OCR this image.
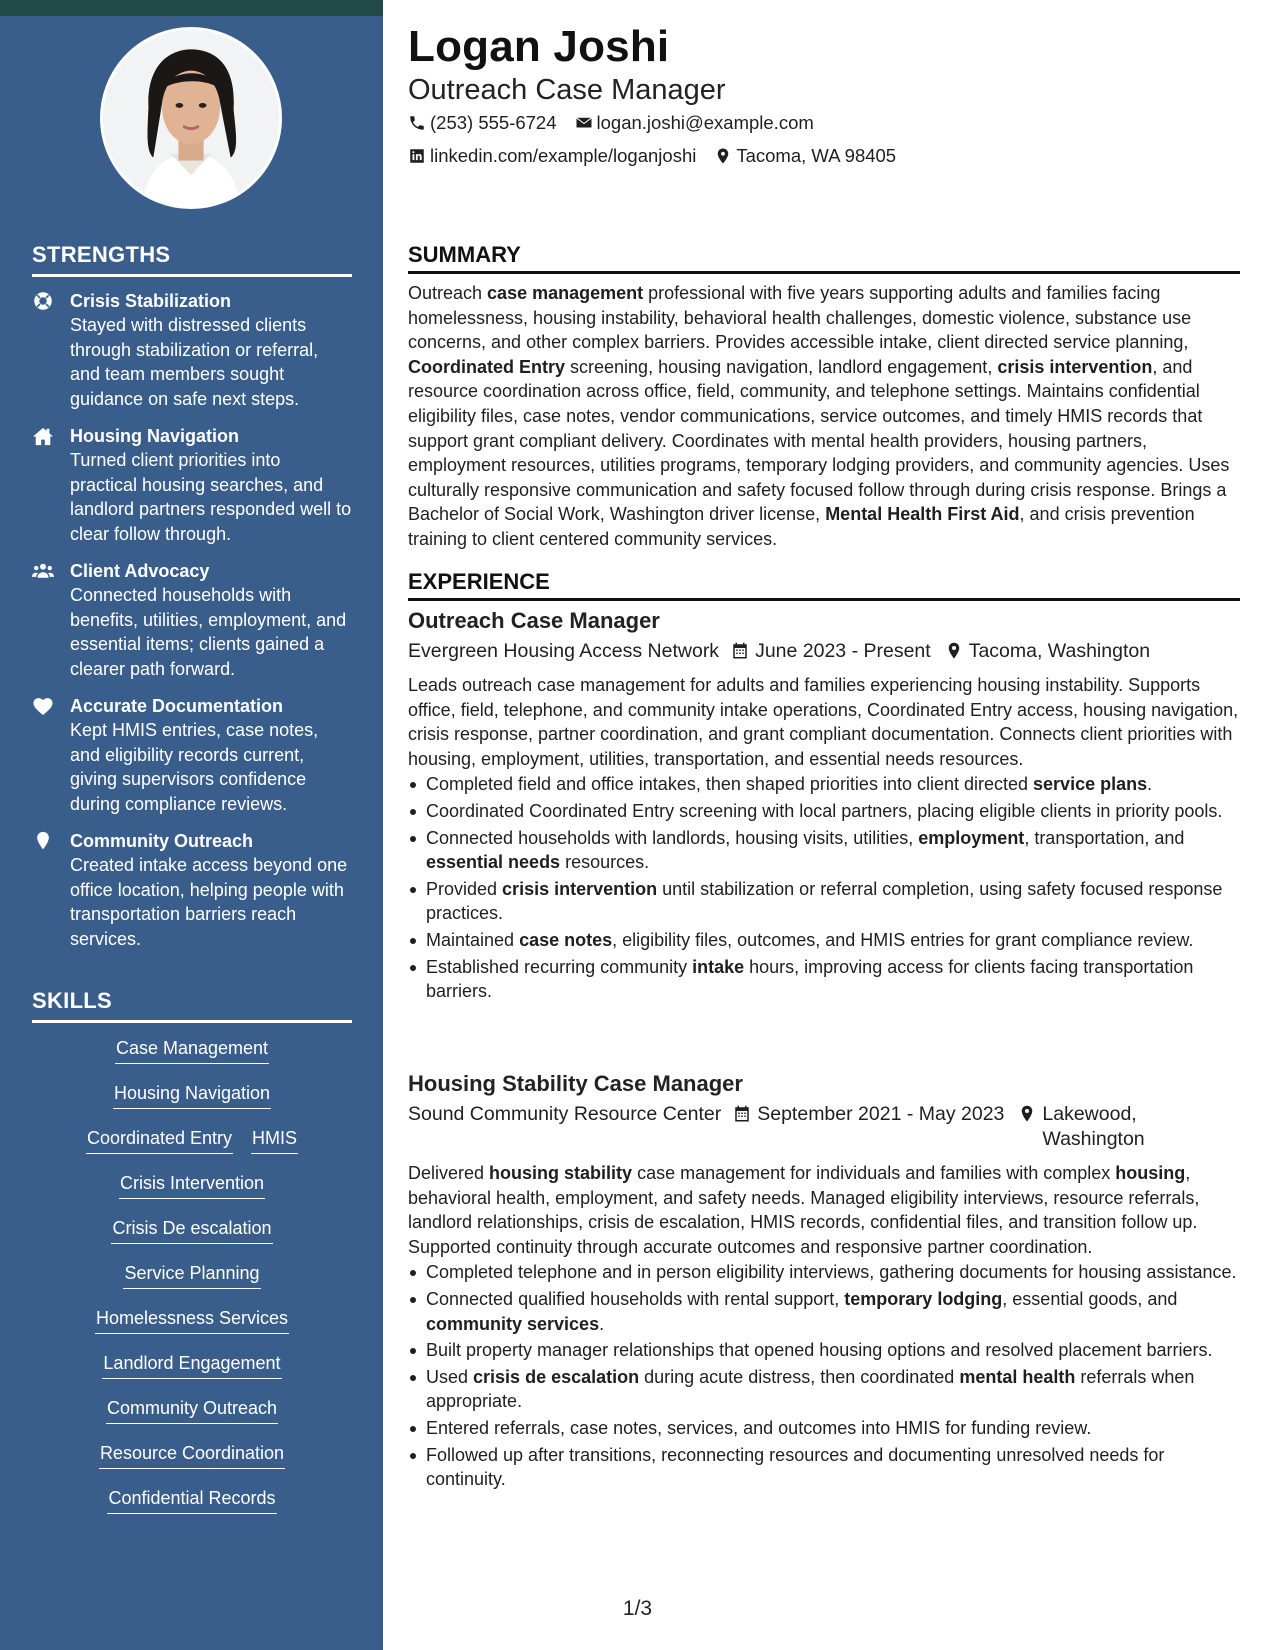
STRENGTHS
Crisis Stabilization
Stayed with distressed clients through stabilization or referral, and team members sought guidance on safe next steps.
Housing Navigation
Turned client priorities into practical housing searches, and landlord partners responded well to clear follow through.
Client Advocacy
Connected households with benefits, utilities, employment, and essential items; clients gained a clearer path forward.
Accurate Documentation
Kept HMIS entries, case notes, and eligibility records current, giving supervisors confidence during compliance reviews.
Community Outreach
Created intake access beyond one office location, helping people with transportation barriers reach services.
SKILLS
Case Management
Housing Navigation
Coordinated Entry HMIS
Crisis Intervention
Crisis De escalation
Service Planning
Homelessness Services
Landlord Engagement
Community Outreach
Resource Coordination
Confidential Records
Logan Joshi
Outreach Case Manager
(253) 555-6724 logan.joshi@example.com
linkedin.com/example/loganjoshi Tacoma, WA 98405
SUMMARY

Outreach case management professional with five years supporting adults and families facing homelessness, housing instability, behavioral health challenges, domestic violence, substance use concerns, and other complex barriers. Provides accessible intake, client directed service planning, Coordinated Entry screening, housing navigation, landlord engagement, crisis intervention, and resource coordination across office, field, community, and telephone settings. Maintains confidential eligibility files, case notes, vendor communications, service outcomes, and timely HMIS records that support grant compliant delivery. Coordinates with mental health providers, housing partners, employment resources, utilities programs, temporary lodging providers, and community agencies. Uses culturally responsive communication and safety focused follow through during crisis response. Brings a Bachelor of Social Work, Washington driver license, Mental Health First Aid, and crisis prevention training to client centered community services.

EXPERIENCE
Outreach Case Manager
Evergreen Housing Access Network June 2023 - Present Tacoma, Washington

Leads outreach case management for adults and families experiencing housing instability. Supports office, field, telephone, and community intake operations, Coordinated Entry access, housing navigation, crisis response, partner coordination, and grant compliant documentation. Connects client priorities with housing, employment, utilities, transportation, and essential needs resources.

Completed field and office intakes, then shaped priorities into client directed service plans.
Coordinated Coordinated Entry screening with local partners, placing eligible clients in priority pools.
Connected households with landlords, housing visits, utilities, employment, transportation, and essential needs resources.
Provided crisis intervention until stabilization or referral completion, using safety focused response practices.
Maintained case notes, eligibility files, outcomes, and HMIS entries for grant compliance review.
Established recurring community intake hours, improving access for clients facing transportation barriers.
Housing Stability Case Manager
Sound Community Resource Center September 2021 - May 2023 Lakewood, Washington

Delivered housing stability case management for individuals and families with complex housing, behavioral health, employment, and safety needs. Managed eligibility interviews, resource referrals, landlord relationships, crisis de escalation, HMIS records, confidential files, and transition follow up. Supported continuity through accurate outcomes and responsive partner coordination.

Completed telephone and in person eligibility interviews, gathering documents for housing assistance.
Connected qualified households with rental support, temporary lodging, essential goods, and community services.
Built property manager relationships that opened housing options and resolved placement barriers.
Used crisis de escalation during acute distress, then coordinated mental health referrals when appropriate.
Entered referrals, case notes, services, and outcomes into HMIS for funding review.
Followed up after transitions, reconnecting resources and documenting unresolved needs for continuity.
1/3
